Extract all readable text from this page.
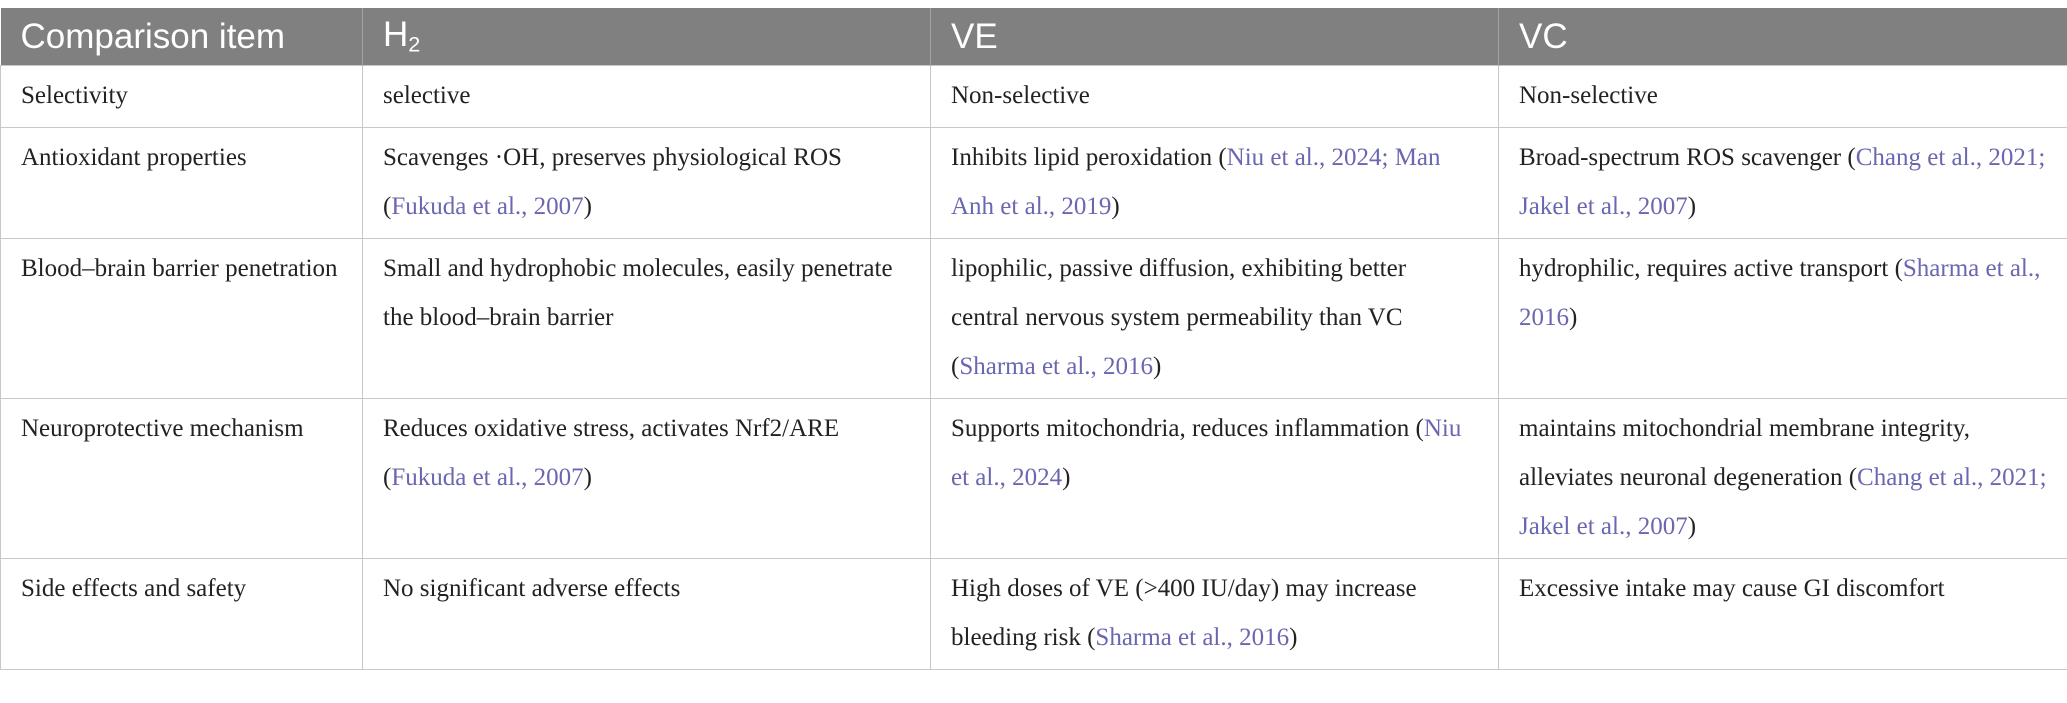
Comparison item	$H_2$	VE	VC
Selectivity	selective	Non-selective	Non-selective
Antioxidant properties	Scavenges ·OH, preserves physiological ROS (Fukuda et al., 2007)	Inhibits lipid peroxidation (Niu et al., 2024; Man Anh et al., 2019)	Broad-spectrum ROS scavenger (Chang et al., 2021; Jakel et al., 2007)
Blood–brain barrier penetration	Small and hydrophobic molecules, easily penetrate the blood–brain barrier	lipophilic, passive diffusion, exhibiting better central nervous system permeability than VC (Sharma et al., 2016)	hydrophilic, requires active transport (Sharma et al., 2016)
Neuroprotective mechanism	Reduces oxidative stress, activates Nrf2/ARE (Fukuda et al., 2007)	Supports mitochondria, reduces inflammation (Niu et al., 2024)	maintains mitochondrial membrane integrity, alleviates neuronal degeneration (Chang et al., 2021; Jakel et al., 2007)
Side effects and safety	No significant adverse effects	High doses of VE (>400 IU/day) may increase bleeding risk (Sharma et al., 2016)	Excessive intake may cause GI discomfort
